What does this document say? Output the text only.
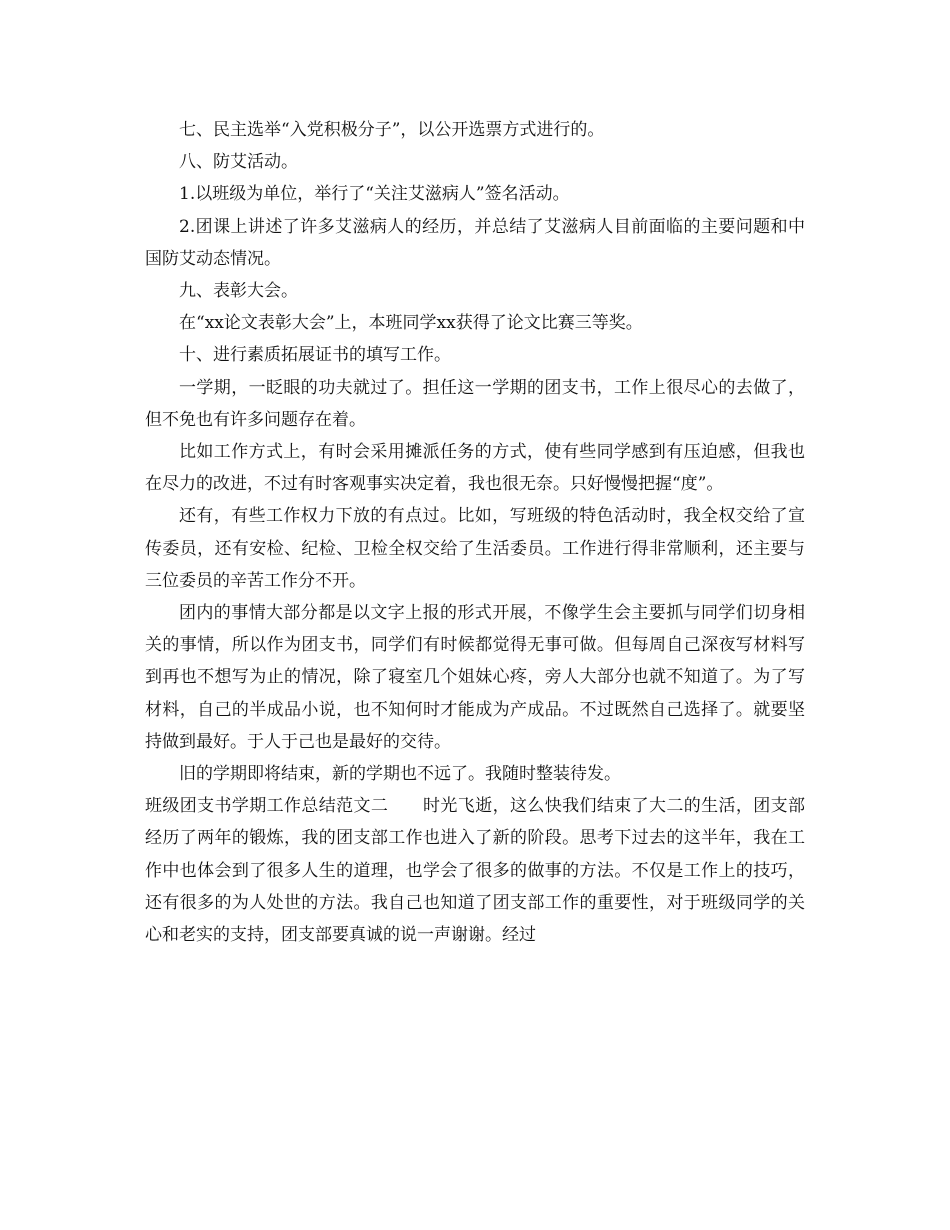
七、民主选举“入党积极分子”，以公开选票方式进行的。

八、防艾活动。

1.以班级为单位，举行了“关注艾滋病人”签名活动。

2.团课上讲述了许多艾滋病人的经历，并总结了艾滋病人目前面临的主要问题和中国防艾动态情况。

九、表彰大会。

在“xx论文表彰大会”上，本班同学xx获得了论文比赛三等奖。

十、进行素质拓展证书的填写工作。

一学期，一眨眼的功夫就过了。担任这一学期的团支书，工作上很尽心的去做了，但不免也有许多问题存在着。

比如工作方式上，有时会采用摊派任务的方式，使有些同学感到有压迫感，但我也在尽力的改进，不过有时客观事实决定着，我也很无奈。只好慢慢把握“度”。

还有，有些工作权力下放的有点过。比如，写班级的特色活动时，我全权交给了宣传委员，还有安检、纪检、卫检全权交给了生活委员。工作进行得非常顺利，还主要与三位委员的辛苦工作分不开。

团内的事情大部分都是以文字上报的形式开展，不像学生会主要抓与同学们切身相关的事情，所以作为团支书，同学们有时候都觉得无事可做。但每周自己深夜写材料写到再也不想写为止的情况，除了寝室几个姐妹心疼，旁人大部分也就不知道了。为了写材料，自己的半成品小说，也不知何时才能成为产成品。不过既然自己选择了。就要坚持做到最好。于人于己也是最好的交待。

旧的学期即将结束，新的学期也不远了。我随时整装待发。

班级团支书学期工作总结范文二　　时光飞逝，这么快我们结束了大二的生活，团支部经历了两年的锻炼，我的团支部工作也进入了新的阶段。思考下过去的这半年，我在工作中也体会到了很多人生的道理，也学会了很多的做事的方法。不仅是工作上的技巧，还有很多的为人处世的方法。我自己也知道了团支部工作的重要性，对于班级同学的关心和老实的支持，团支部要真诚的说一声谢谢。经过
